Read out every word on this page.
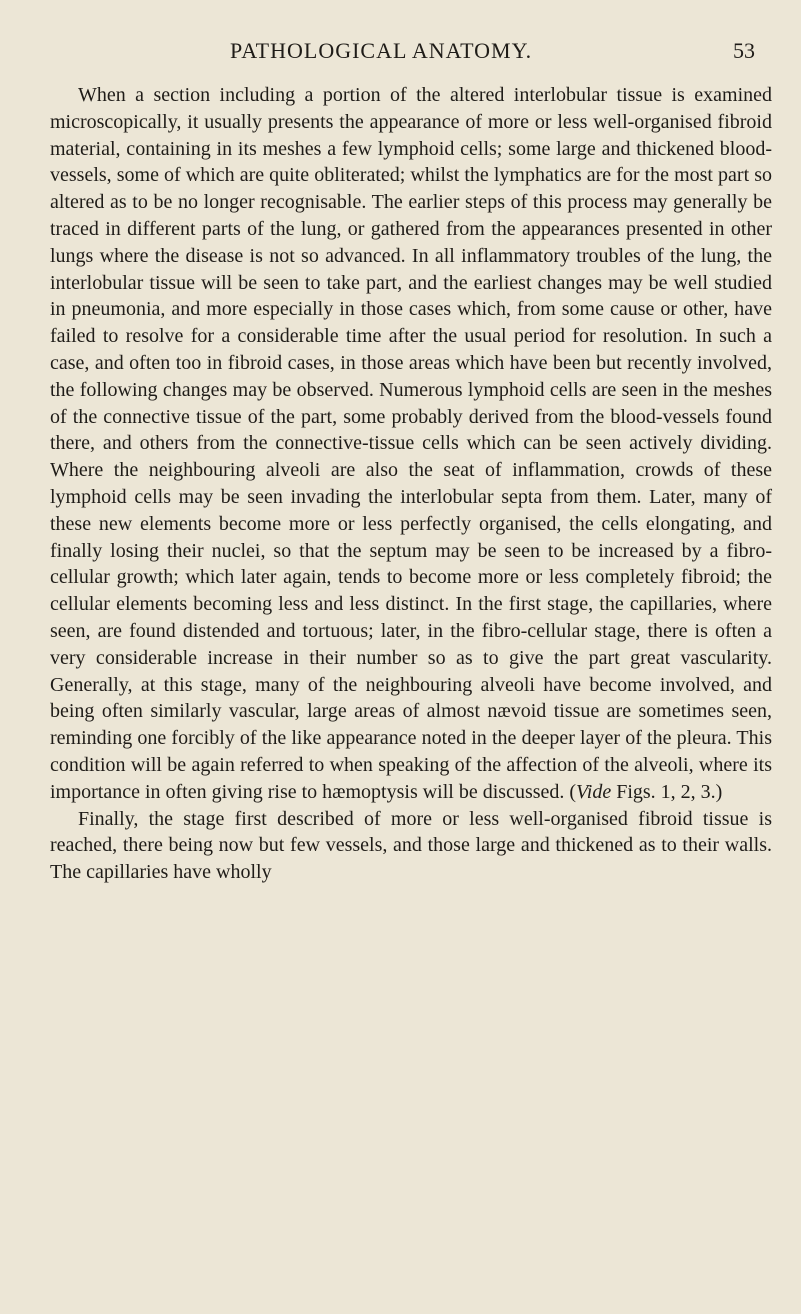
PATHOLOGICAL ANATOMY.	53

When a section including a portion of the altered interlobular tissue is examined microscopically, it usually presents the appearance of more or less well-organised fibroid material, containing in its meshes a few lymphoid cells; some large and thickened blood-vessels, some of which are quite obliterated; whilst the lymphatics are for the most part so altered as to be no longer recognisable. The earlier steps of this process may generally be traced in different parts of the lung, or gathered from the appearances presented in other lungs where the disease is not so advanced. In all inflammatory troubles of the lung, the interlobular tissue will be seen to take part, and the earliest changes may be well studied in pneumonia, and more especially in those cases which, from some cause or other, have failed to resolve for a considerable time after the usual period for resolution. In such a case, and often too in fibroid cases, in those areas which have been but recently involved, the following changes may be observed. Numerous lymphoid cells are seen in the meshes of the connective tissue of the part, some probably derived from the blood-vessels found there, and others from the connective-tissue cells which can be seen actively dividing. Where the neighbouring alveoli are also the seat of inflammation, crowds of these lymphoid cells may be seen invading the interlobular septa from them. Later, many of these new elements become more or less perfectly organised, the cells elongating, and finally losing their nuclei, so that the septum may be seen to be increased by a fibro-cellular growth; which later again, tends to become more or less completely fibroid; the cellular elements becoming less and less distinct. In the first stage, the capillaries, where seen, are found distended and tortuous; later, in the fibro-cellular stage, there is often a very considerable increase in their number so as to give the part great vascularity. Generally, at this stage, many of the neighbouring alveoli have become involved, and being often similarly vascular, large areas of almost nævoid tissue are sometimes seen, reminding one forcibly of the like appearance noted in the deeper layer of the pleura. This condition will be again referred to when speaking of the affection of the alveoli, where its importance in often giving rise to hæmoptysis will be discussed. (Vide Figs. 1, 2, 3.)

Finally, the stage first described of more or less well-organised fibroid tissue is reached, there being now but few vessels, and those large and thickened as to their walls. The capillaries have wholly
